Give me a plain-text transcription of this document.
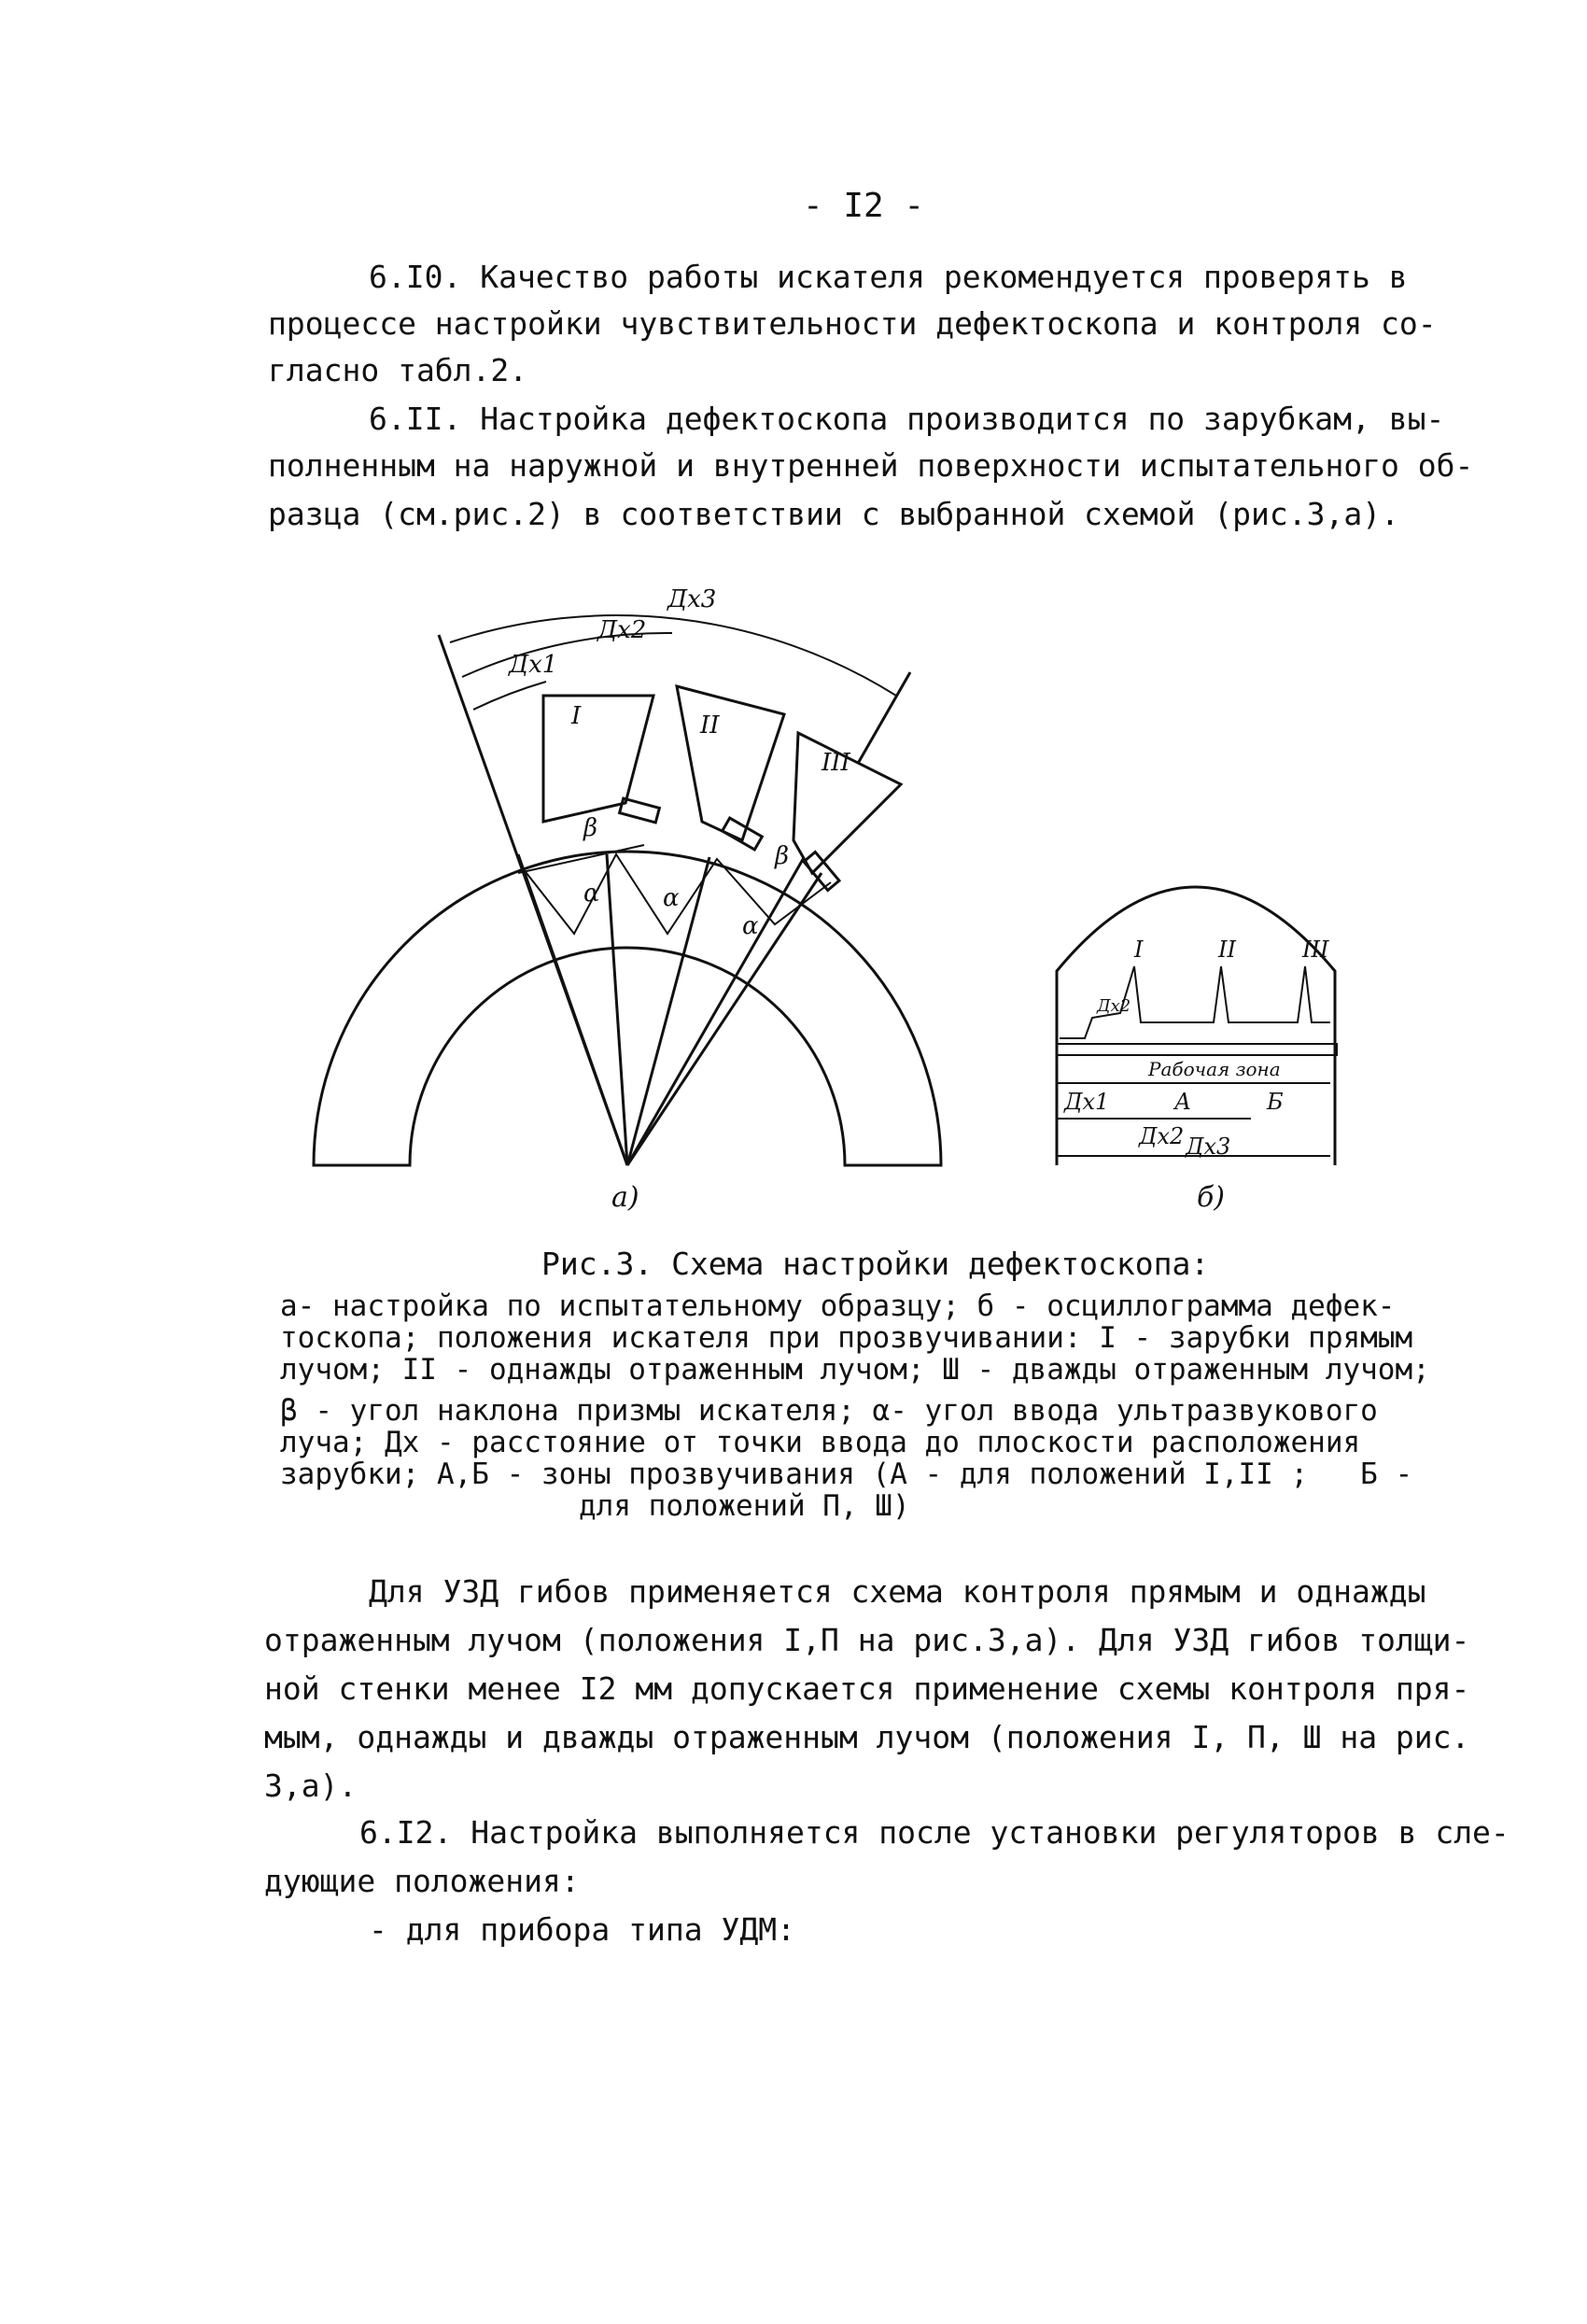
- I2 -
6.I0. Качество работы искателя рекомендуется проверять в
процессе настройки чувствительности дефектоскопа и контроля со-
гласно табл.2.
6.II. Настройка дефектоскопа производится по зарубкам, вы-
полненным на наружной и внутренней поверхности испытательного об-
разца (см.рис.2) в соответствии с выбранной схемой (рис.3,а).
Дх3
Дх2
Дх1
I	II
III
β
β
α	α
α
а)
I	II	III
Дх2
Рабочая зона
А	Б
Дх1
Дх2 Дх3
б)
Рис.3. Схема настройки дефектоскопа:
а- настройка по испытательному образцу; б - осциллограмма дефек-
тоскопа; положения искателя при прозвучивании: I - зарубки прямым
лучом; II - однажды отраженным лучом; Ш - дважды отраженным лучом;
β - угол наклона призмы искателя; α- угол ввода ультразвукового
луча; Дх - расстояние от точки ввода до плоскости расположения
зарубки; А,Б - зоны прозвучивания (А - для положений I,II ;   Б -
для положений П, Ш)
Для УЗД гибов применяется схема контроля прямым и однажды
отраженным лучом (положения I,П на рис.3,а). Для УЗД гибов толщи-
ной стенки менее I2 мм допускается применение схемы контроля пря-
мым, однажды и дважды отраженным лучом (положения I, П, Ш на рис.
3,а).
6.I2. Настройка выполняется после установки регуляторов в сле-
дующие положения:
- для прибора типа УДМ:
